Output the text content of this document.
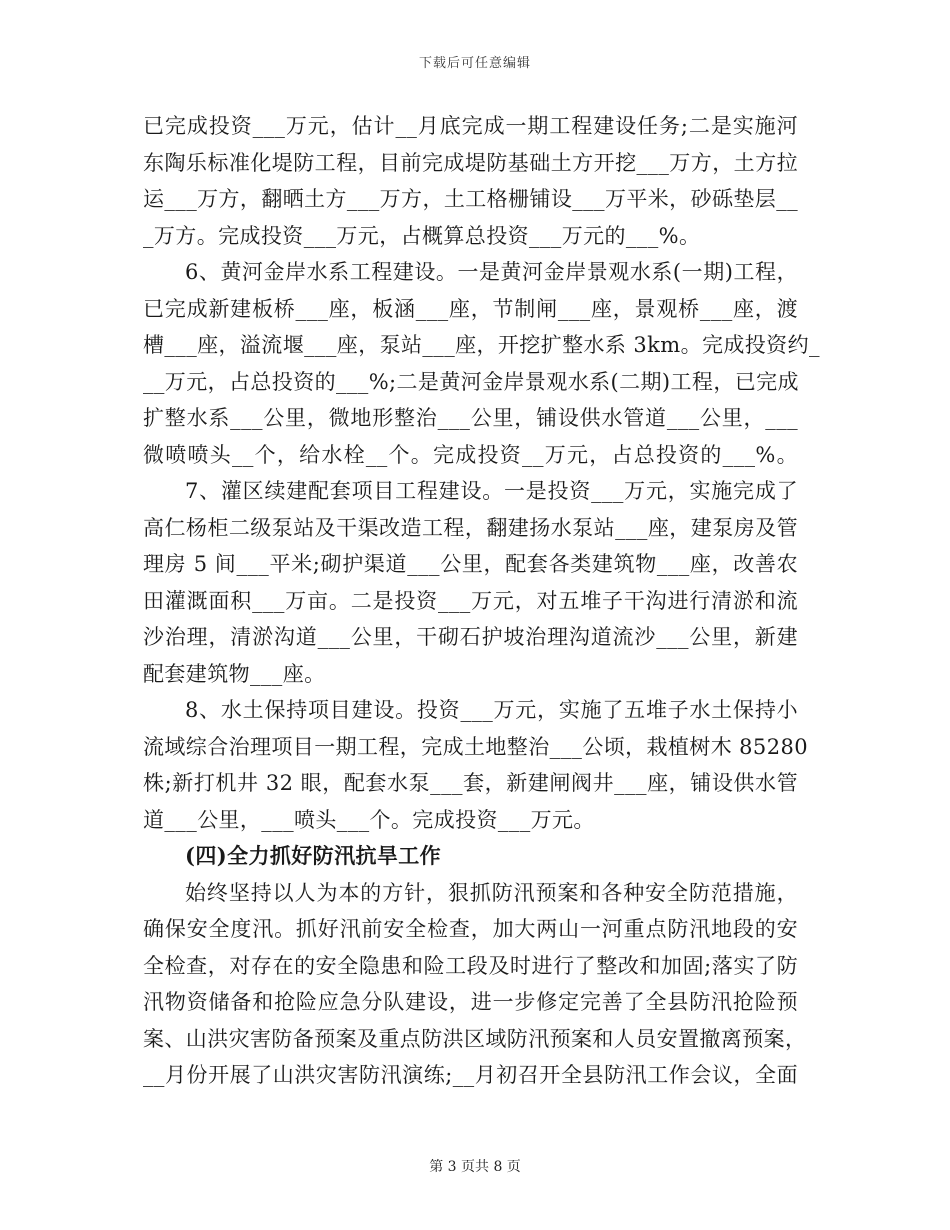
下载后可任意编辑
已完成投资___万元，估计__月底完成一期工程建设任务;二是实施河
东陶乐标准化堤防工程，目前完成堤防基础土方开挖___万方，土方拉
运___万方，翻晒土方___万方，土工格栅铺设___万平米，砂砾垫层__
_万方。完成投资___万元，占概算总投资___万元的___%。
6、黄河金岸水系工程建设。一是黄河金岸景观水系(一期)工程，
已完成新建板桥___座，板涵___座，节制闸___座，景观桥___座，渡
槽___座，溢流堰___座，泵站___座，开挖扩整水系 3km。完成投资约_
__万元，占总投资的___%;二是黄河金岸景观水系(二期)工程，已完成
扩整水系___公里，微地形整治___公里，铺设供水管道___公里，___
微喷喷头__个，给水栓__个。完成投资__万元，占总投资的___%。
7、灌区续建配套项目工程建设。一是投资___万元，实施完成了
高仁杨柜二级泵站及干渠改造工程，翻建扬水泵站___座，建泵房及管
理房 5 间___平米;砌护渠道___公里，配套各类建筑物___座，改善农
田灌溉面积___万亩。二是投资___万元，对五堆子干沟进行清淤和流
沙治理，清淤沟道___公里，干砌石护坡治理沟道流沙___公里，新建
配套建筑物___座。
8、水土保持项目建设。投资___万元，实施了五堆子水土保持小
流域综合治理项目一期工程，完成土地整治___公顷，栽植树木 85280
株;新打机井 32 眼，配套水泵___套，新建闸阀井___座，铺设供水管
道___公里，___喷头___个。完成投资___万元。
(四)全力抓好防汛抗旱工作
始终坚持以人为本的方针，狠抓防汛预案和各种安全防范措施，
确保安全度汛。抓好汛前安全检查，加大两山一河重点防汛地段的安
全检查，对存在的安全隐患和险工段及时进行了整改和加固;落实了防
汛物资储备和抢险应急分队建设，进一步修定完善了全县防汛抢险预
案、山洪灾害防备预案及重点防洪区域防汛预案和人员安置撤离预案，
__月份开展了山洪灾害防汛演练;__月初召开全县防汛工作会议，全面
第 3 页共 8 页
